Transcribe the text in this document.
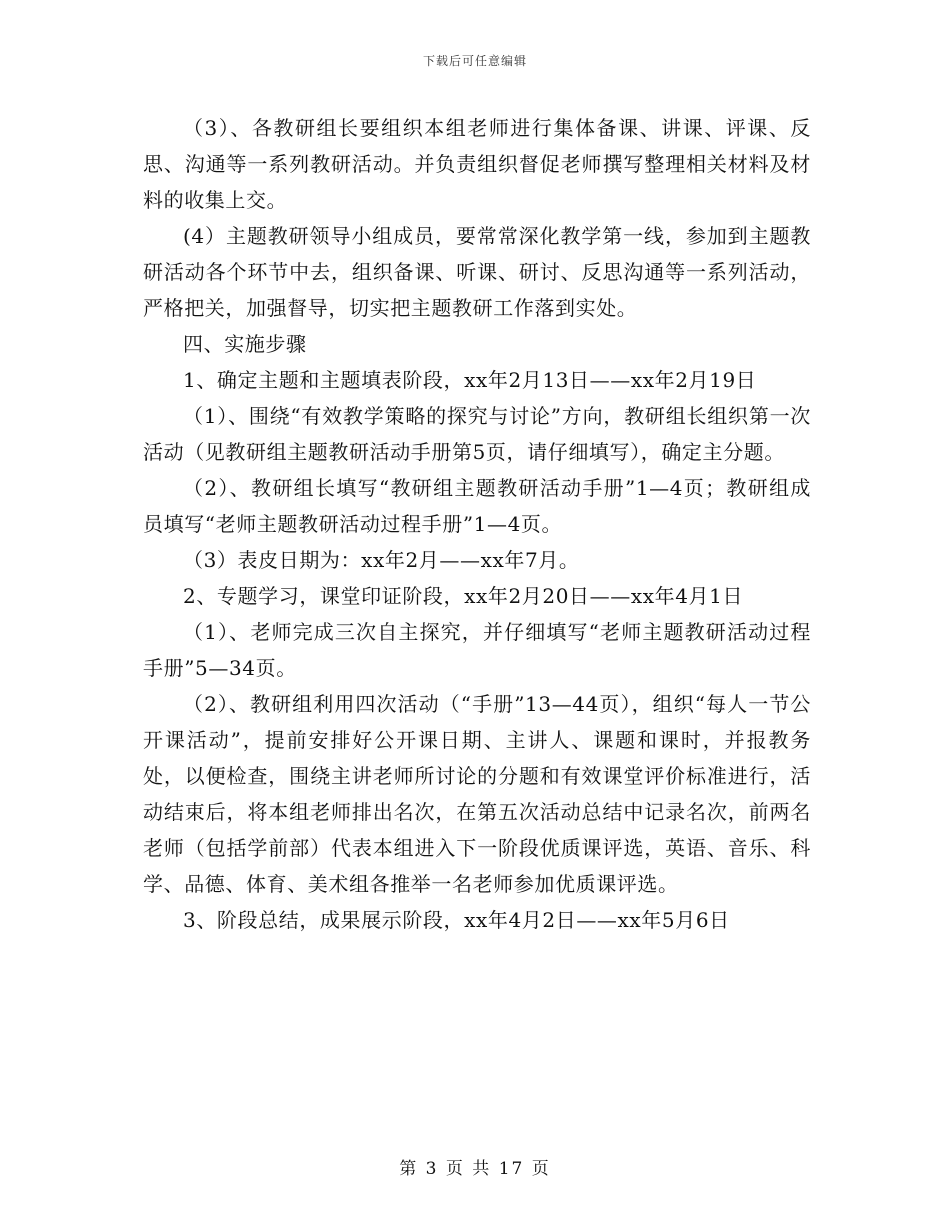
下载后可任意编辑

（3）、各教研组长要组织本组老师进行集体备课、讲课、评课、反思、沟通等一系列教研活动。并负责组织督促老师撰写整理相关材料及材料的收集上交。

(4）主题教研领导小组成员，要常常深化教学第一线，参加到主题教研活动各个环节中去，组织备课、听课、研讨、反思沟通等一系列活动，严格把关，加强督导，切实把主题教研工作落到实处。

四、实施步骤

1、确定主题和主题填表阶段，xx年2月13日——xx年2月19日

（1）、围绕“有效教学策略的探究与讨论”方向，教研组长组织第一次活动（见教研组主题教研活动手册第5页，请仔细填写），确定主分题。

（2）、教研组长填写“教研组主题教研活动手册”1—4页；教研组成员填写“老师主题教研活动过程手册”1—4页。

（3）表皮日期为：xx年2月——xx年7月。

2、专题学习，课堂印证阶段，xx年2月20日——xx年4月1日

（1）、老师完成三次自主探究，并仔细填写“老师主题教研活动过程手册”5—34页。

（2）、教研组利用四次活动（“手册”13—44页），组织“每人一节公开课活动”，提前安排好公开课日期、主讲人、课题和课时，并报教务处，以便检查，围绕主讲老师所讨论的分题和有效课堂评价标准进行，活动结束后，将本组老师排出名次，在第五次活动总结中记录名次，前两名老师（包括学前部）代表本组进入下一阶段优质课评选，英语、音乐、科学、品德、体育、美术组各推举一名老师参加优质课评选。

3、阶段总结，成果展示阶段，xx年4月2日——xx年5月6日

第 3 页 共 17 页
